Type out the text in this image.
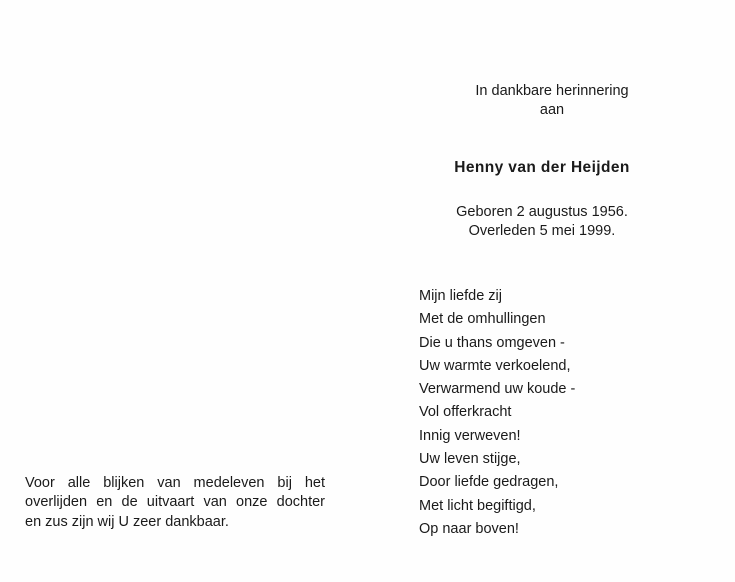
Voor alle blijken van medeleven bij het
overlijden en de uitvaart van onze dochter
en zus zijn wij U zeer dankbaar.
In dankbare herinnering
aan
Henny van der Heijden
Geboren 2 augustus 1956.
Overleden 5 mei 1999.
Mijn liefde zij
Met de omhullingen
Die u thans omgeven -
Uw warmte verkoelend,
Verwarmend uw koude -
Vol offerkracht
Innig verweven!
Uw leven stijge,
Door liefde gedragen,
Met licht begiftigd,
Op naar boven!
